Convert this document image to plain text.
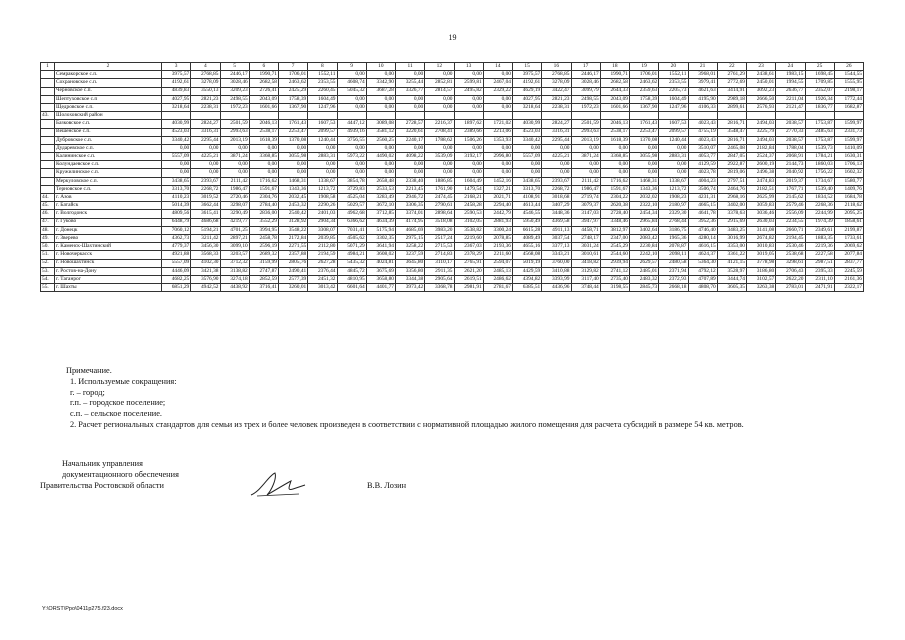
19
1	2	3	4	5	6	7	8	9	10	11	12	13	14	15	16	17	18	19	20	21	22	23	24	25	26
	Семракорское с.п.	3975,57	2768,85	2446,17	1990,71	1706,01	1552,11	0,00	0,00	0,00	0,00	0,00	0,00	3975,57	2768,85	2446,17	1990,71	1706,01	1552,11	3968,01	2761,29	2438,61	1983,15	1698,45	1544,55
	Сохрановское с.п.	4192,61	3278,09	3028,46	2682,58	2463,62	2353,55	4608,74	3342,90	3255,44	2852,81	2599,81	2467,04	4192,61	3278,09	3028,46	2682,58	2463,62	2353,55	3979,41	2772,69	2450,01	1994,55	1709,85	1555,95
	Черновское с.п.	4839,83	3550,13	3209,23	2726,41	2425,29	2260,45	5045,32	3687,28	3326,77	2814,57	2495,82	2329,22	4629,19	3422,47	3099,79	2644,33	2359,63	2205,73	4621,63	3414,91	3092,23	2636,77	2352,07	2198,17
	Шептуховское с.п	4027,95	2821,23	2498,55	2043,09	1758,39	1604,49	0,00	0,00	0,00	0,00	0,00	0,00	4027,95	2821,23	2498,55	2043,09	1758,39	1604,49	4195,90	2989,18	2666,50	2211,04	1926,34	1772,44
	Щедровское с.п.	3218,64	2238,31	1972,23	1601,66	1367,90	1247,96	0,00	0,00	0,00	0,00	0,00	0,00	3218,64	2238,31	1972,23	1601,66	1367,90	1247,96	4106,33	2899,61	2576,93	2121,47	1836,77	1682,87
43.	Шолоховский район																								
	Базковское с.п.	4030,99	2824,27	2501,59	2046,13	1761,43	1607,53	4447,12	3089,08	2728,57	2216,37	1897,62	1721,02	4030,99	2824,27	2501,59	2046,13	1761,43	1607,53	4023,43	2816,71	2494,03	2038,57	1753,87	1599,97
	Вешенское с.п.	4523,03	3316,31	2993,63	2538,17	2253,47	2099,57	4939,16	3581,12	3220,61	2708,41	2389,66	2213,06	4523,03	3316,31	2993,63	2538,17	2253,47	2099,57	4755,19	3548,47	3225,79	2770,33	2485,63	2331,73
	Дубровское с.п.	3340,42	2295,44	2013,19	1618,39	1370,08	1240,44	3756,55	2560,25	2240,17	1788,62	1506,26	1353,93	3340,42	2295,44	2013,19	1618,39	1370,08	1240,44	4023,43	2816,71	2494,03	2038,57	1753,87	1599,97
	Дударевское с.п.	0,00	0,00	0,00	0,00	0,00	0,00	0,00	0,00	0,00	0,00	0,00	0,00	0,00	0,00	0,00	0,00	0,00	0,00	3510,07	2465,08	2182,84	1788,04	1539,73	1410,09
	Калининское с.п.	5557,09	4225,21	3871,24	3368,85	3055,98	2883,31	5973,22	4490,02	4098,22	3539,09	3192,17	2996,80	5557,09	4225,21	3871,24	3368,85	3055,98	2883,31	4053,77	2847,05	2524,37	2068,91	1784,21	1630,31
	Колундаевское с.п.	0,00	0,00	0,00	0,00	0,00	0,00	0,00	0,00	0,00	0,00	0,00	0,00	0,00	0,00	0,00	0,00	0,00	0,00	4129,59	2922,87	2600,19	2144,73	1860,03	1706,13
	Кружилинское с.п.	0,00	0,00	0,00	0,00	0,00	0,00	0,00	0,00	0,00	0,00	0,00	0,00	0,00	0,00	0,00	0,00	0,00	0,00	4023,78	2819,06	2496,38	2040,92	1756,22	1602,32
	Меркуловское с.п.	3438,65	2393,67	2111,42	1716,62	1468,31	1338,67	3854,78	2658,48	2338,40	1886,85	1604,49	1452,16	3438,65	2393,67	2111,42	1716,62	1468,31	1338,67	4004,23	2797,51	2474,83	2019,37	1734,67	1580,77
	Терновское с.п.	3313,70	2268,72	1986,47	1591,67	1343,36	1213,72	3729,83	2533,53	2213,45	1761,90	1479,54	1327,21	3313,70	2268,72	1986,47	1591,67	1343,36	1213,72	3506,74	2464,76	2182,51	1767,71	1539,40	1409,76
44.	г. Азов	4110,23	3019,52	2720,46	2304,76	2032,45	1908,58	4525,04	3283,49	2946,72	2474,45	2168,21	2021,71	4108,91	3018,68	2719,74	2304,22	2032,02	1908,23	4231,31	2968,16	2625,99	2145,62	1834,52	1684,78
45.	г. Батайск	5014,39	3662,44	3298,07	2784,40	2453,32	2290,26	5029,57	3672,10	3306,35	2790,61	2458,28	2294,40	4613,44	3407,29	3079,37	2620,38	2322,10	2180,97	4665,15	3402,00	3059,83	2579,46	2268,36	2118,62
46.	г. Волгодонск	4809,56	3615,41	3290,49	2836,00	2540,42	2401,03	4962,68	3712,85	3374,01	2898,64	2590,53	2442,79	4546,55	3448,36	3147,03	2728,40	2454,34	2329,30	4641,78	3378,63	3036,46	2556,09	2244,99	2095,25
47.	г. Гуково	6448,79	4686,68	4219,77	3552,29	3128,92	2904,34	6366,62	4634,39	4174,95	3518,08	3102,05	2881,93	5950,49	4369,58	3947,97	3348,46	2965,84	2768,44	3952,36	2915,69	2630,03	2234,55	1974,39	1858,61
48.	г. Донецк	7060,12	5194,21	4701,25	3994,95	3548,22	3308,07	7031,41	5175,94	4685,69	3983,20	3538,82	3300,24	6615,28	4911,13	4458,71	3812,97	3402,64	3186,75	4746,40	3483,25	3141,08	2660,71	2349,61	2199,87
49.	г. Зверево	4362,73	3211,42	2897,21	2458,78	2172,84	2039,85	4505,62	3302,35	2975,15	2517,24	2219,60	2078,85	4089,49	3037,54	2748,17	2347,00	2083,42	1965,36	4280,14	3016,99	2674,82	2194,45	1883,35	1733,61
50.	г. Каменск-Шахтинский	4779,37	3456,30	3099,10	2596,19	2271,55	2112,80	5071,29	3641,94	3258,22	2715,53	2367,03	2193,36	4655,16	3377,13	3031,24	2545,29	2230,84	2078,87	4616,15	3353,00	3010,83	2530,46	2219,36	2069,62
51.	г. Новочеркасск	4921,88	3568,33	3203,57	2689,32	2357,88	2194,59	4984,21	3608,02	3237,59	2714,83	2378,29	2211,60	4568,08	3343,21	3010,61	2544,60	2242,10	2098,11	4624,37	3361,22	3019,05	2538,68	2227,58	2077,84
52.	г. Новошахтинск	5557,09	4102,30	3712,32	3159,99	2805,76	2627,28	5435,32	4024,81	3645,80	3110,17	2765,91	2594,07	5019,19	3760,00	3418,82	2939,94	2629,57	2480,58	5364,30	4121,15	3778,98	3298,61	2987,51	2837,77
53.	г. Ростов-на-Дону	4446,09	3421,38	3138,82	2747,87	2490,41	2376,44	4845,72	3675,69	3356,80	2911,35	2621,20	2485,13	4429,59	3410,88	3129,82	2741,12	2485,01	2371,94	4792,12	3528,97	3186,80	2706,43	2395,33	2245,59
54.	г. Таганрог	4682,25	3576,90	3274,18	2852,59	2577,39	2451,32	4810,95	3658,80	3344,38	2905,64	2619,51	2486,62	4394,82	3393,99	3117,40	2735,40	2483,32	2372,93	4707,89	3444,74	3102,57	2622,20	2311,10	2161,36
55.	г. Шахты	6851,29	4942,52	4438,92	3716,41	3260,01	3013,42	6601,64	4401,77	3973,42	3368,78	2981,91	2781,67	6385,51	4436,96	3748,44	3198,55	2845,73	2668,18	4808,70	3605,35	3263,38	2783,01	2471,91	2322,17
Примечание.
1. Используемые сокращения:
г. – город;
г.п. – городское поселение;
с.п. – сельское поселение.
2. Расчет региональных стандартов для семьи из трех и более человек произведен в соответствии с нормативной площадью жилого помещения для расчета субсидий в размере 54 кв. метров.
Начальник управления
документационного обеспечения
Правительства Ростовской области	В.В. Лозин
Y:\ORST\Ppo\0411p275.f23.docx
